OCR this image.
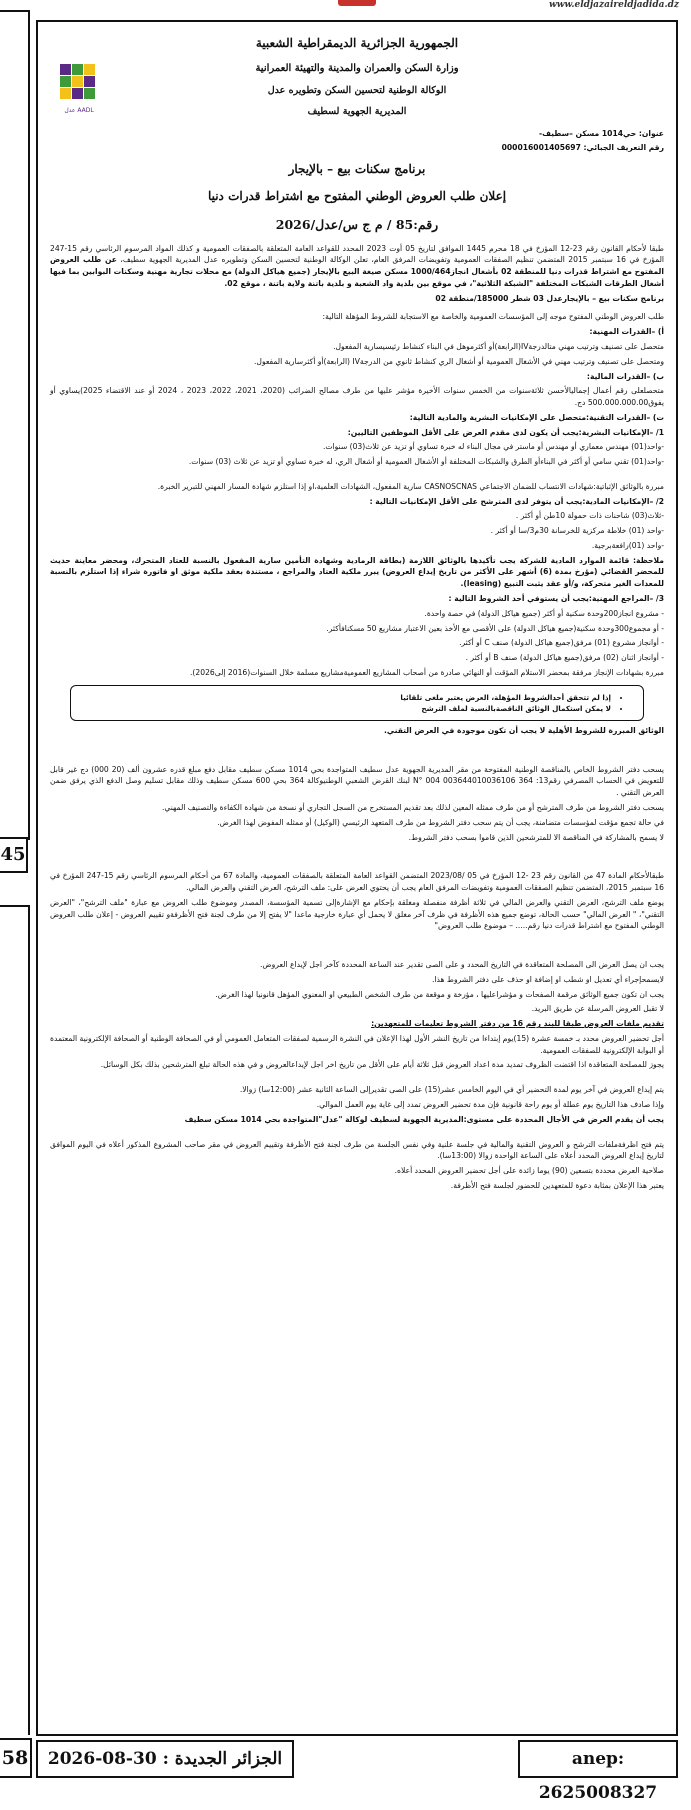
www.eldjazaireldjadida.dz
45
58
AADL عدل
الجمهورية الجزائرية الديمقراطية الشعبية
وزارة السكن والعمران والمدينة والتهيئة العمرانية
الوكالة الوطنية لتحسين السكن وتطويره عدل
المديرية الجهوية لسطيف
عنوان: حي1014 مسكن –سطيف-
رقم التعريف الجبائي: 000016001405697
برنامج سكنات بيع – بالإيجار
إعلان طلب العروض الوطني المفتوح مع اشتراط قدرات دنيا
رقم:85 / م ج س/عدل/2026

طبقا لأحكام القانون رقم 23-12 المؤرخ في 18 محرم 1445 الموافق لتاريخ 05 أوت 2023 المحدد للقواعد العامة المتعلقة بالصفقات العمومية و كذلك المواد المرسوم الرئاسي رقم 15-247 المؤرخ في 16 سبتمبر 2015 المتضمن تنظيم الصفقات العمومية وتفويضات المرفق العام، تعلن الوكالة الوطنية لتحسين السكن وتطويره عدل المديرية الجهوية سطيف، عن طلب العروض المفتوح مع اشتراط قدرات دنيا للمنطقة 02 بأشغال انجاز1000/464 مسكن صيغة البيع بالإيجار (جميع هياكل الدولة) مع محلات تجارية مهنية وسكنات البوابين بما فيها أشغال الطرقات الشبكات المختلفة "الشبكة الثلاثية"، في موقع بين بلدية واد الشعبة و بلدية باتنة ولاية باتنة ، موقع 02.

برنامج سكنات بيع – بالإيجارعدل 03 شطر 185000/منطقة 02

طلب العروض الوطني المفتوح موجه إلى المؤسسات العمومية والخاصة مع الاستجابة للشروط المؤهلة التالية:

أ) –القدرات المهنية:

متحصل على تصنيف وترتيب مهني متالدرجةIV(الرابعة)أو أكثرموهل في البناء كنشاط رئيسيسارية المفعول.

ومتحصل على تصنيف وترتيب مهني في الأشغال العمومية أو أشغال الري كنشاط ثانوي من الدرجةIV (الرابعة)أو أكثرسارية المفعول.

ب) –القدرات المالية:

متحصلعلى رقم أعمال إجماليالأحسن ثلاثةسنوات من الخمس سنوات الأخيرة مؤشر عليها من طرف مصالح الضرائب (2020، 2021، 2022، 2023 ، 2024 أو عند الاقتضاء 2025)يساوي أو يفوق500.000.000.00 دج.

ت) –القدرات التقنية:متحصل على الإمكانيات البشرية والمادية التالية:

1/ –الإمكانيات البشرية:يجب أن يكون لدى مقدم العرض على الأقل الموظفين التاليين:

-واحد(01) مهندس معماري أو مهندس أو ماستر في مجال البناء له خبرة تساوي أو تزيد عن ثلاث(03) سنوات.

-واحد(01) تقني سامي أو أكثر في البناءأو الطرق والشبكات المختلفة أو الأشغال العمومية أو أشغال الري، له خبرة تساوي أو تزيد عن ثلاث (03) سنوات.

مبررة بالوثائق الإثباتية:شهادات الانتساب للضمان الاجتماعي CASNOSCNAS سارية المفعول، الشهادات العلمية،او إذا استلزم شهادة المسار المهني للتبرير الخبرة.

2/ –الإمكانيات المادية:يجب أن يتوفر لدى المترشح على الأقل الإمكانيات التالية :

-ثلاث(03) شاحنات ذات حمولة 10طن أو أكثر .

-واحد (01) خلاطة مركزية للخرسانة 30م3/سا أو أكثر .

-واحد (01)رافعةبرجية.

ملاحظة: قائمة الموارد المادية للشركة يجب تأكيدها بالوثائق اللازمة (بطاقة الرمادية وشهادة التأمين سارية المفعول بالنسبة للعتاد المتحرك، ومحضر معاينة حديث للمحضر القضائي (مؤرخ بمدة (6) أشهر على الأكثر من تاريخ إيداع العروض) يبرر ملكية العتاد والمراجع ، مستندة بعقد ملكية موثق او فاتورة شراء إذا استلزم بالنسبة للمعدات الغير متحركة، و/أو عقد يثبت التبيع (leasing).

3/ –المراجع المهنية:يجب أن يستوفي أحد الشروط التالية :

- مشروع انجاز200وحدة سكنية أو أكثر (جميع هياكل الدولة) في حصة واحدة.

- أو مجموع300وحدة سكنية(جميع هياكل الدولة) على الأقصى مع الأخذ بعين الاعتبار مشاريع 50 مسكنافأكثر.

- أوانجاز مشروع (01) مرفق(جميع هياكل الدولة) صنف C أو أكثر.

- أوانجاز اثنان (02) مرفق(جميع هياكل الدولة) صنف B أو أكثر .

مبررة بشهادات الإنجاز مرفقة بمحضر الاستلام المؤقت أو النهائي صادرة من أصحاب المشاريع العموميةمشاريع مسلمة خلال السنوات(2016 إلى2026).

• إذا لم تتحقق أحدالشروط المؤهلة، العرض يعتبر ملغى تلقائيا
• لا يمكن استكمال الوثائق الناقصةبالنسبة لملف الترشح

الوثائق المبررة للشروط الأهلية لا يجب أن تكون موجودة في العرض التقني.

يسحب دفتر الشروط الخاص بالمناقصة الوطنية المفتوحة من مقر المديرية الجهوية عدل سطيف المتواجدة بحي 1014 مسكن سطيف مقابل دفع مبلغ قدره عشرون ألف (20 000) دج غير قابل للتعويض في الحساب المصرفي رقم13: N° 004 003644010036106 364 لبنك القرض الشعبي الوطنيوكالة 364 بحي 600 مسكن سطيف وذلك مقابل تسليم وصل الدفع الذي يرفق ضمن العرض التقني .

يسحب دفتر الشروط من طرف المترشح أو من طرف ممثله المعين لذلك بعد تقديم المستخرج من السجل التجاري أو نسخة من شهادة الكفاءة والتصنيف المهني.

في حالة تجمع مؤقت لمؤسسات متضامنة، يجب أن يتم سحب دفتر الشروط من طرف المتعهد الرئيسي (الوكيل) أو ممثله المفوض لهذا الغرض.

لا يسمح بالمشاركة في المناقصة الا للمترشحين الذين قاموا بسحب دفتر الشروط.

طبقالأحكام المادة 47 من القانون رقم 23 -12 المؤرخ في 05 /2023/08 المتضمن القواعد العامة المتعلقة بالصفقات العمومية، والمادة 67 من أحكام المرسوم الرئاسي رقم 15-247 المؤرخ في 16 سبتمبر 2015، المتضمن تنظيم الصفقات العمومية وتفويضات المرفق العام يجب أن يحتوي العرض على: ملف الترشح، العرض التقني والعرض المالي.

يوضع ملف الترشح، العرض التقني والعرض المالي في ثلاثة أظرفة منفصلة ومغلقة بإحكام مع الإشارةإلى تسمية المؤسسة، المصدر وموضوع طلب العروض مع عبارة "ملف الترشح"، "العرض التقني"، " العرض المالي" حسب الحالة، توضع جميع هذه الأظرفة في ظرف آخر مغلق لا يحمل أي عبارة خارجية ماعدا "لا يفتح إلا من طرف لجنة فتح الأظرفةو تقييم العروض - إعلان طلب العروض الوطني المفتوح مع اشتراط قدرات دنيا رقم..... – موضوع طلب العروض"

يجب ان يصل العرض الى المصلحة المتعاقدة في التاريخ المحدد و على الصى تقدير عند الساعة المحددة كآخر اجل لإيداع العروض.

لايسمحإجراء أي تعديل او شطب او إضافة او حذف على دفتر الشروط هذا.

يجب ان تكون جميع الوثائق مرقمة الصفحات و مؤشراعليها ، مؤرخة و موقعة من طرف الشخص الطبيعي او المعنوي المؤهل قانونيا لهذا الغرض.

لا تقبل العروض المرسلة عن طريق البريد.

تقديم ملفات العروض طبقا للبند رقم 16 من دفتر الشروط تعليمات للمتعهدين:

أجل تحضير العروض محدد بـ خمسة عشرة (15)يوم إبتداءا من تاريخ النشر الأول لهذا الإعلان في النشرة الرسمية لصفقات المتعامل العمومي أو في الصحافة الوطنية أو الصحافة الإلكترونية المعتمدة أو البوابة الإلكترونية للصفقات العمومية.

يجوز للمصلحة المتعاقدة اذا اقتضت الظروف تمديد مدة اعداد العروض قبل ثلاثة أيام على الأقل من تاريخ اخر اجل لإيداعالعروض و في هذه الحالة تبلغ المترشحين بذلك بكل الوسائل.

يتم إيداع العروض في آخر يوم لمدة التحضير أي في اليوم الخامس عشر(15) على الصى تقديرإلى الساعة الثانية عشر (12:00سا) زوالا.

وإذا صادف هذا التاريخ يوم عطلة أو يوم راحة قانونية فإن مدة تحضير العروض تمدد إلى غاية يوم العمل الموالي.

يجب أن يقدم العرض في الأجال المحددة على مستوى:المديرية الجهوية لسطيف لوكالة "عدل"المتواجدة بحي 1014 مسكن سطيف

يتم فتح اظرفةملفات الترشح و العروض التقنية والمالية في جلسة علنية وفي نفس الجلسة من طرف لجنة فتح الأظرفة وتقييم العروض في مقر صاحب المشروع المذكور أعلاه في اليوم الموافق لتاريخ إيداع العروض المحدد أعلاه على الساعة الواحدة زوالا (13:00سا).

صلاحية العرض محددة بتسعين (90) يوما زائدة على أجل تحضير العروض المحدد أعلاه.

يعتبر هذا الإعلان بمثابة دعوة للمتعهدين للحضور لجلسة فتح الأظرفة.

الجزائر الجديدة : 30-08-2026	anep: 2625008327
